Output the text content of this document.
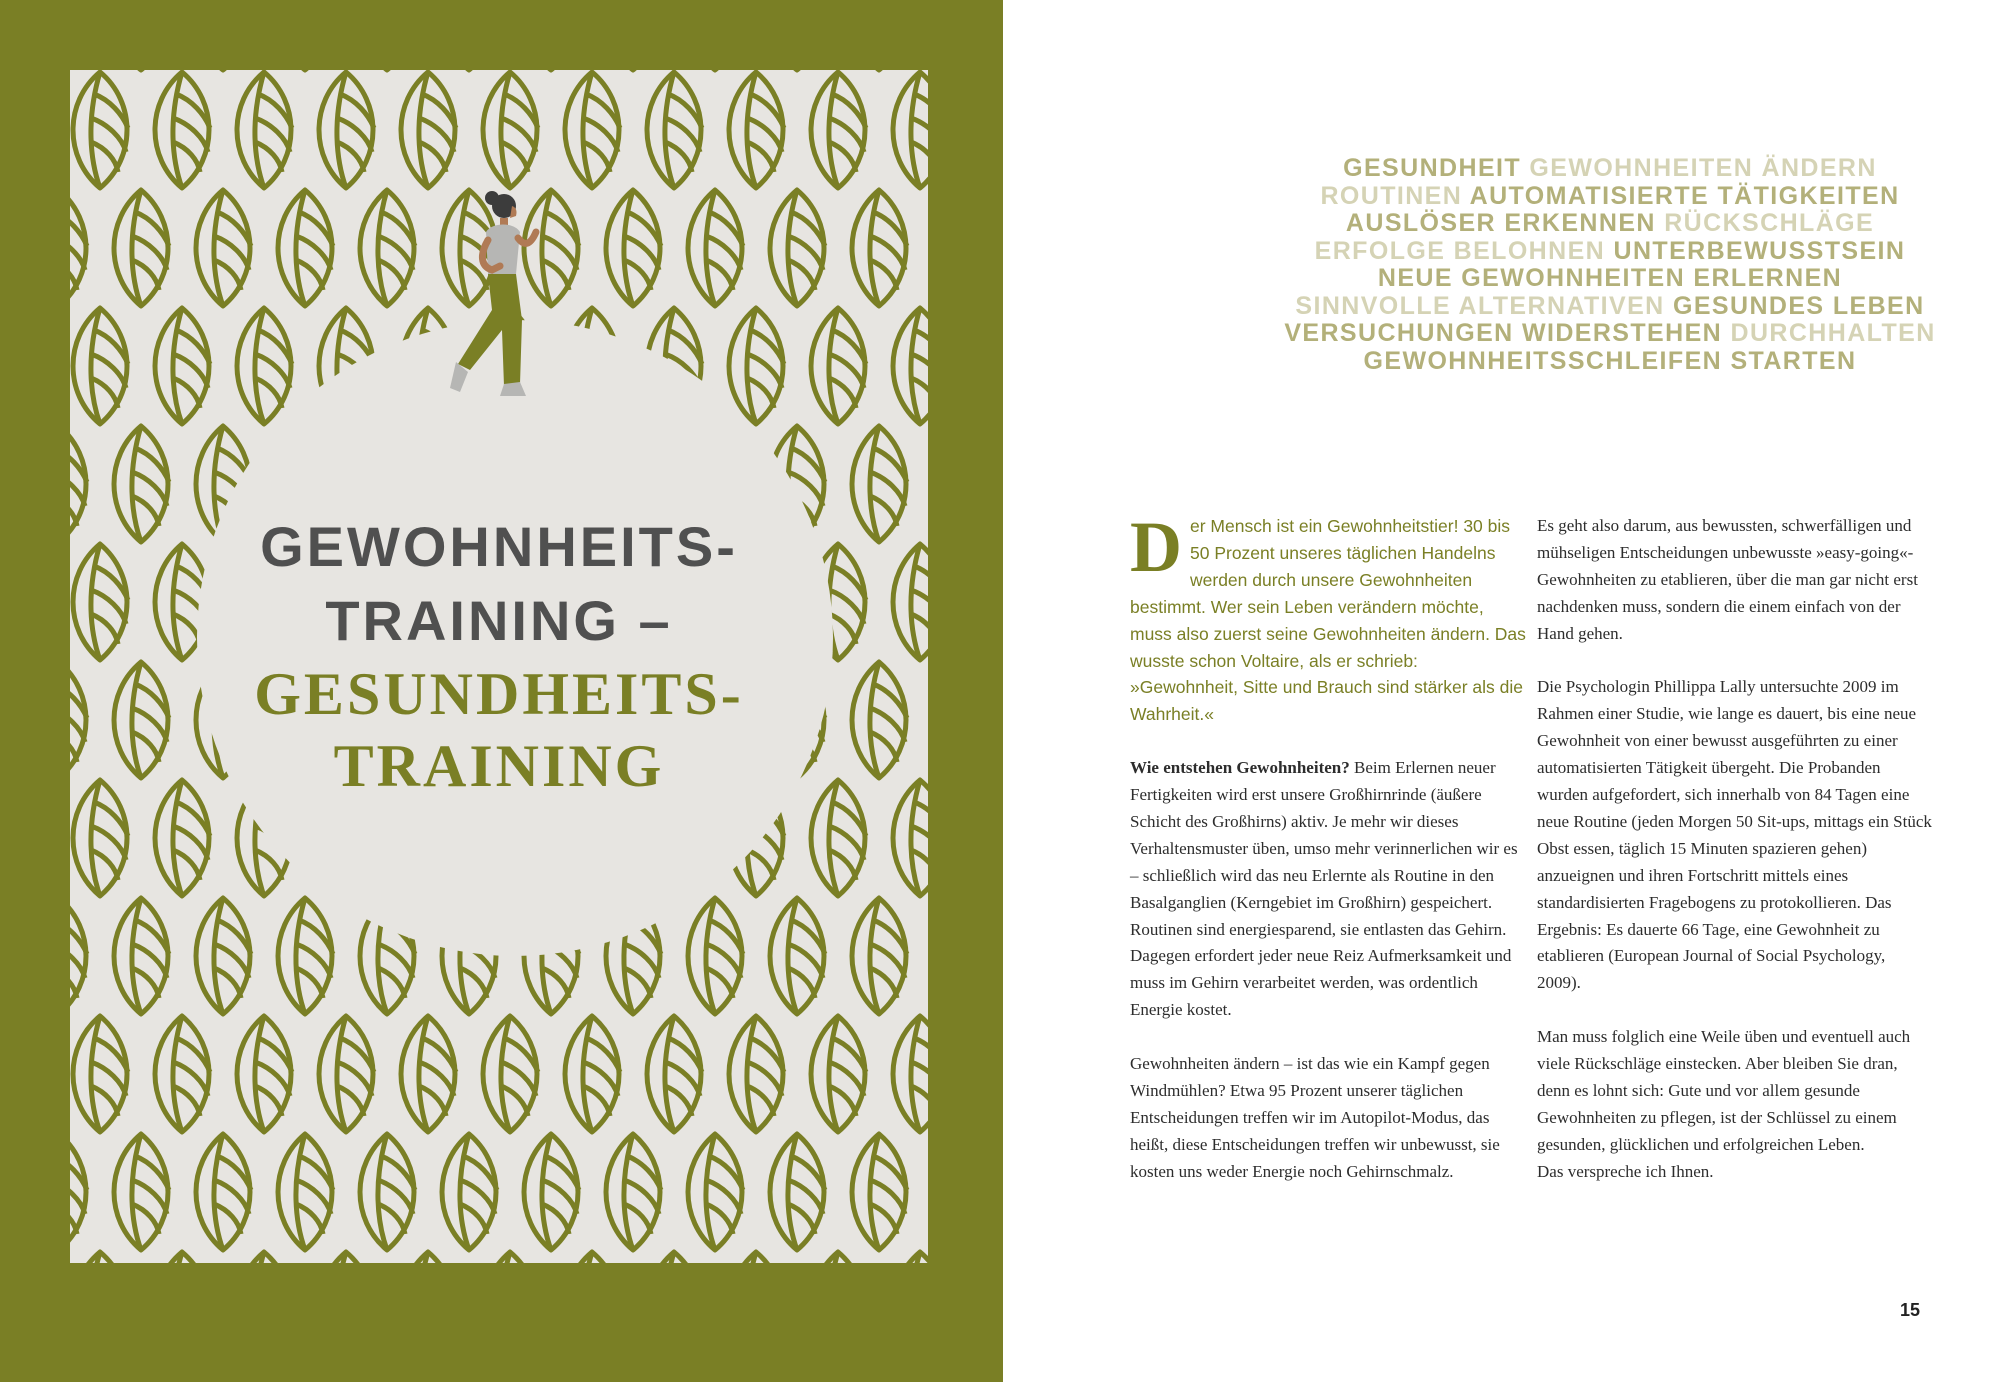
GEWOHNHEITS-
TRAINING –
GESUNDHEITS-
TRAINING
GESUNDHEIT GEWOHNHEITEN ÄNDERN
ROUTINEN AUTOMATISIERTE TÄTIGKEITEN
AUSLÖSER ERKENNEN RÜCKSCHLÄGE
ERFOLGE BELOHNEN UNTERBEWUSSTSEIN
NEUE GEWOHNHEITEN ERLERNEN
SINNVOLLE ALTERNATIVEN GESUNDES LEBEN
VERSUCHUNGEN WIDERSTEHEN DURCHHALTEN
GEWOHNHEITSSCHLEIFEN STARTEN

Der Mensch ist ein Gewohnheitstier! 30 bis 50 Prozent unseres täglichen Handelns werden durch unsere Gewohnheiten bestimmt. Wer sein Leben verändern möchte, muss also zuerst seine Gewohnheiten ändern. Das wusste schon Voltaire, als er schrieb: »Gewohnheit, Sitte und Brauch sind stärker als die Wahrheit.«

Wie entstehen Gewohnheiten? Beim Erlernen neuer Fertigkeiten wird erst unsere Großhirnrinde (äußere Schicht des Großhirns) aktiv. Je mehr wir dieses Verhaltensmuster üben, umso mehr verinnerlichen wir es – schließlich wird das neu Erlernte als Routine in den Basalganglien (Kerngebiet im Großhirn) gespeichert. Routinen sind energiesparend, sie entlasten das Gehirn. Dagegen erfordert jeder neue Reiz Aufmerksamkeit und muss im Gehirn verarbeitet werden, was ordentlich Energie kostet.

Gewohnheiten ändern – ist das wie ein Kampf gegen Windmühlen? Etwa 95 Prozent unserer täglichen Entscheidungen treffen wir im Autopilot-Modus, das heißt, diese Entscheidungen treffen wir unbewusst, sie kosten uns weder Energie noch Gehirnschmalz.

Es geht also darum, aus bewussten, schwerfälligen und mühseligen Entscheidungen unbewusste »easy-going«-Gewohnheiten zu etablieren, über die man gar nicht erst nachdenken muss, sondern die einem einfach von der Hand gehen.

Die Psychologin Phillippa Lally untersuchte 2009 im Rahmen einer Studie, wie lange es dauert, bis eine neue Gewohnheit von einer bewusst ausgeführten zu einer automatisierten Tätigkeit übergeht. Die Probanden wurden aufgefordert, sich innerhalb von 84 Tagen eine neue Routine (jeden Morgen 50 Sit-ups, mittags ein Stück Obst essen, täglich 15 Minuten spazieren gehen) anzueignen und ihren Fortschritt mittels eines standardisierten Fragebogens zu protokollieren. Das Ergebnis: Es dauerte 66 Tage, eine Gewohnheit zu etablieren (European Journal of Social Psychology, 2009).

Man muss folglich eine Weile üben und eventuell auch viele Rückschläge einstecken. Aber bleiben Sie dran, denn es lohnt sich: Gute und vor allem gesunde Gewohnheiten zu pflegen, ist der Schlüssel zu einem gesunden, glücklichen und erfolgreichen Leben.

Das verspreche ich Ihnen.

15
